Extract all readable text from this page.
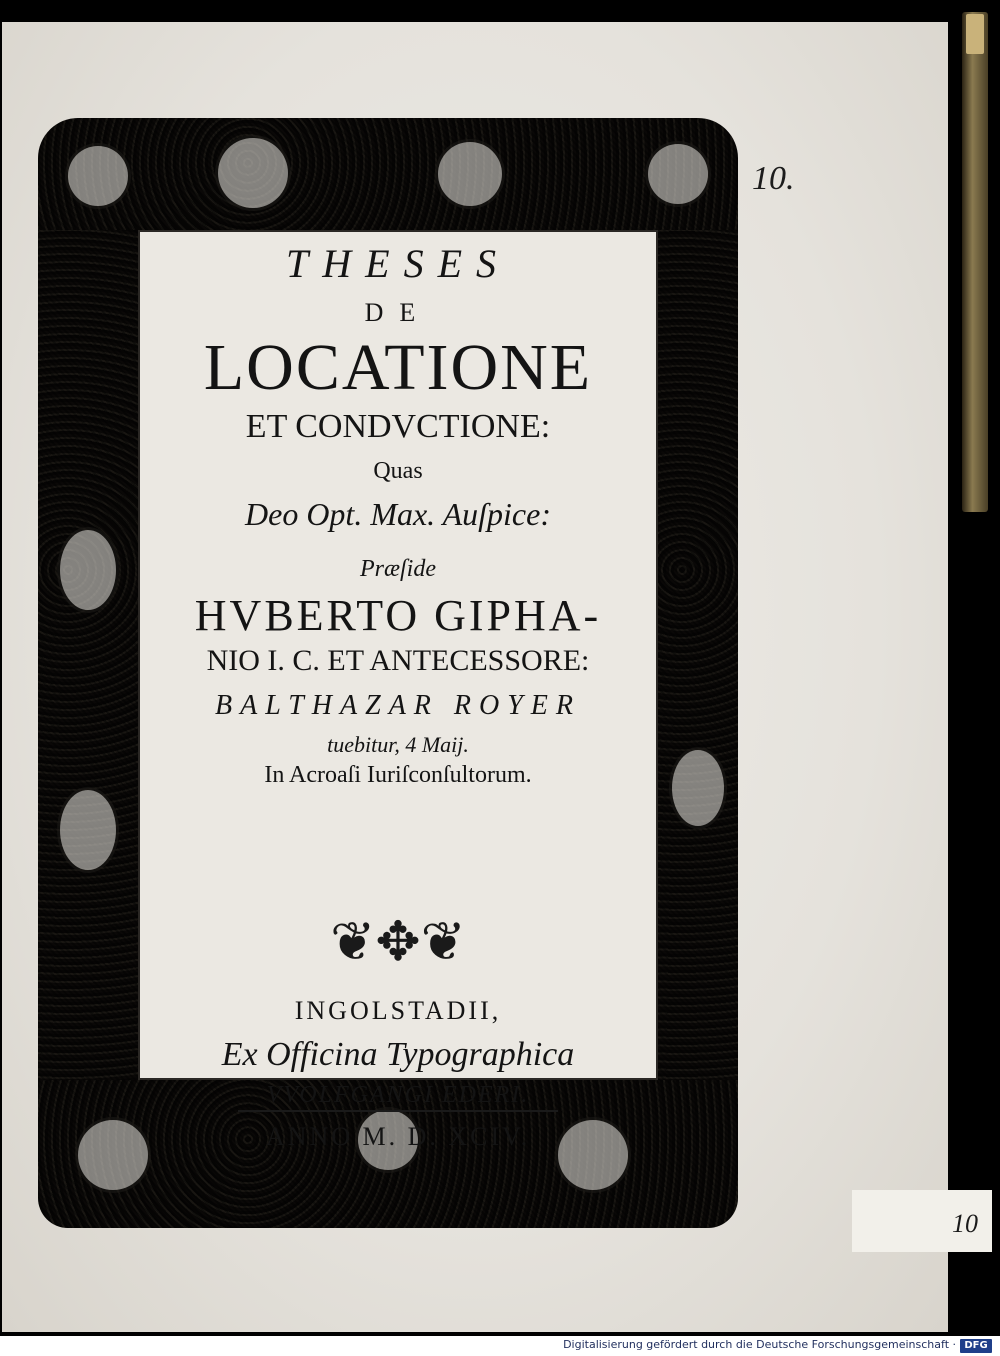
10.
THESES
DE
LOCATIONE
ET CONDVCTIONE:
Quas
Deo Opt. Max. Auſpice:
Præſide
HVBERTO GIPHA-
NIO I. C. ET ANTECESSORE:
BALTHAZAR ROYER
tuebitur, 4 Maij.
In Acroaſi Iuriſconſultorum.
❦✥❦
INGOLSTADII,
Ex Officina Typographica
VVOLFGANGI EDERI.
ANNO M. D. XCIV.
10
Digitalisierung gefördert durch die Deutsche Forschungsgemeinschaft · DFG
